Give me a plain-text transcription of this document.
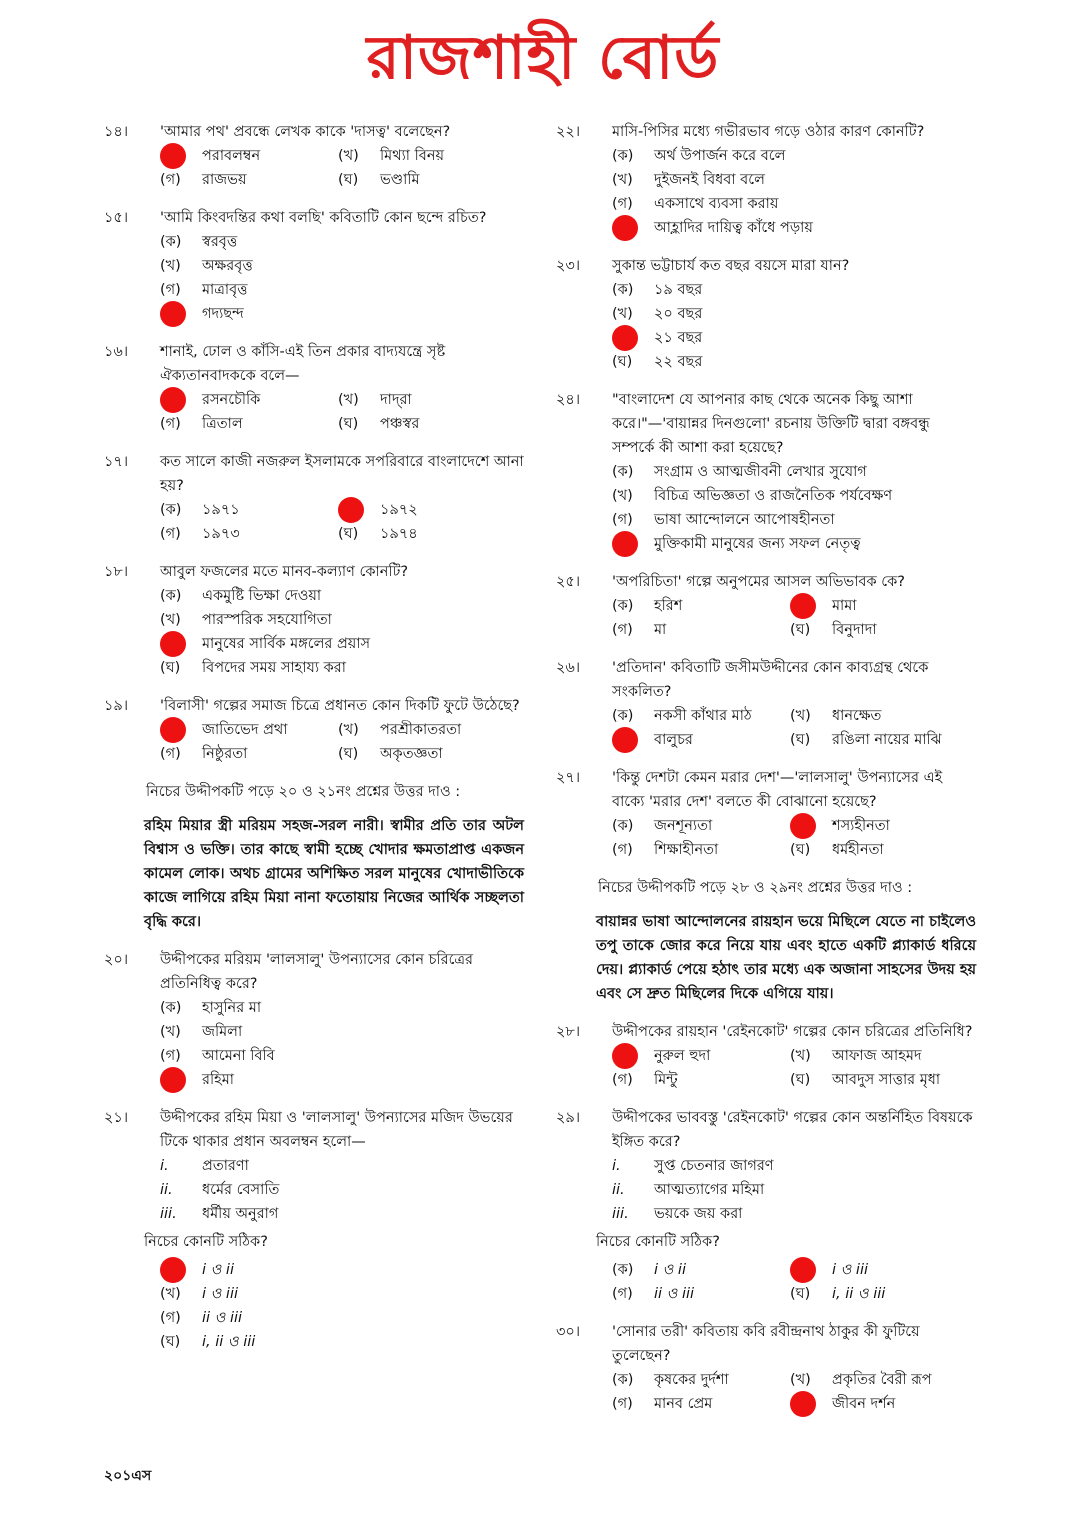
রাজশাহী বোর্ড
১৪।	'আমার পথ' প্রবন্ধে লেখক কাকে 'দাসত্ব' বলেছেন?
পরাবলম্বন	(খ)	মিথ্যা বিনয়
(গ)	রাজভয়	(ঘ)	ভণ্ডামি
১৫।	'আমি কিংবদন্তির কথা বলছি' কবিতাটি কোন ছন্দে রচিত?
(ক)	স্বরবৃত্ত
(খ)	অক্ষরবৃত্ত
(গ)	মাত্রাবৃত্ত
গদ্যছন্দ
১৬।	শানাই, ঢোল ও কাঁসি-এই তিন প্রকার বাদ্যযন্ত্রে সৃষ্ট ঐক্যতানবাদককে বলে—
রসনচৌকি	(খ)	দাদ্‌রা
(গ)	ত্রিতাল	(ঘ)	পঞ্চস্বর
১৭।	কত সালে কাজী নজরুল ইসলামকে সপরিবারে বাংলাদেশে আনা হয়?
(ক)	১৯৭১	১৯৭২
(গ)	১৯৭৩	(ঘ)	১৯৭৪
১৮।	আবুল ফজলের মতে মানব-কল্যাণ কোনটি?
(ক)	একমুষ্টি ভিক্ষা দেওয়া
(খ)	পারস্পরিক সহযোগিতা
মানুষের সার্বিক মঙ্গলের প্রয়াস
(ঘ)	বিপদের সময় সাহায্য করা
১৯।	'বিলাসী' গল্পের সমাজ চিত্রে প্রধানত কোন দিকটি ফুটে উঠেছে?
জাতিভেদ প্রথা	(খ)	পরশ্রীকাতরতা
(গ)	নিষ্ঠুরতা	(ঘ)	অকৃতজ্ঞতা
নিচের উদ্দীপকটি পড়ে ২০ ও ২১নং প্রশ্নের উত্তর দাও :
রহিম মিয়ার স্ত্রী মরিয়ম সহজ-সরল নারী। স্বামীর প্রতি তার অটল বিশ্বাস ও ভক্তি। তার কাছে স্বামী হচ্ছে খোদার ক্ষমতাপ্রাপ্ত একজন কামেল লোক। অথচ গ্রামের অশিক্ষিত সরল মানুষের খোদাভীতিকে কাজে লাগিয়ে রহিম মিয়া নানা ফতোয়ায় নিজের আর্থিক সচ্ছলতা বৃদ্ধি করে।
২০।	উদ্দীপকের মরিয়ম 'লালসালু' উপন্যাসের কোন চরিত্রের প্রতিনিধিত্ব করে?
(ক)	হাসুনির মা
(খ)	জমিলা
(গ)	আমেনা বিবি
রহিমা
২১।	উদ্দীপকের রহিম মিয়া ও 'লালসালু' উপন্যাসের মজিদ উভয়ের টিকে থাকার প্রধান অবলম্বন হলো—
i.	প্রতারণা
ii.	ধর্মের বেসাতি
iii.	ধর্মীয় অনুরাগ
নিচের কোনটি সঠিক?
i ও ii
(খ)	i ও iii
(গ)	ii ও iii
(ঘ)	i, ii ও iii
২২।	মাসি-পিসির মধ্যে গভীরভাব গড়ে ওঠার কারণ কোনটি?
(ক)	অর্থ উপার্জন করে বলে
(খ)	দুইজনই বিধবা বলে
(গ)	একসাথে ব্যবসা করায়
আহ্লাদির দায়িত্ব কাঁধে পড়ায়
২৩।	সুকান্ত ভট্টাচার্য কত বছর বয়সে মারা যান?
(ক)	১৯ বছর
(খ)	২০ বছর
২১ বছর
(ঘ)	২২ বছর
২৪।	"বাংলাদেশ যে আপনার কাছ থেকে অনেক কিছু আশা করে।"—'বায়ান্নর দিনগুলো' রচনায় উক্তিটি দ্বারা বঙ্গবন্ধু সম্পর্কে কী আশা করা হয়েছে?
(ক)	সংগ্রাম ও আত্মজীবনী লেখার সুযোগ
(খ)	বিচিত্র অভিজ্ঞতা ও রাজনৈতিক পর্যবেক্ষণ
(গ)	ভাষা আন্দোলনে আপোষহীনতা
মুক্তিকামী মানুষের জন্য সফল নেতৃত্ব
২৫।	'অপরিচিতা' গল্পে অনুপমের আসল অভিভাবক কে?
(ক)	হরিশ	মামা
(গ)	মা	(ঘ)	বিনুদাদা
২৬।	'প্রতিদান' কবিতাটি জসীমউদ্দীনের কোন কাব্যগ্রন্থ থেকে সংকলিত?
(ক)	নকসী কাঁথার মাঠ	(খ)	ধানক্ষেত
বালুচর	(ঘ)	রঙিলা নায়ের মাঝি
২৭।	'কিন্তু দেশটা কেমন মরার দেশ'—'লালসালু' উপন্যাসের এই বাক্যে 'মরার দেশ' বলতে কী বোঝানো হয়েছে?
(ক)	জনশূন্যতা	শস্যহীনতা
(গ)	শিক্ষাহীনতা	(ঘ)	ধর্মহীনতা
নিচের উদ্দীপকটি পড়ে ২৮ ও ২৯নং প্রশ্নের উত্তর দাও :
বায়ান্নর ভাষা আন্দোলনের রায়হান ভয়ে মিছিলে যেতে না চাইলেও তপু তাকে জোর করে নিয়ে যায় এবং হাতে একটি প্ল্যাকার্ড ধরিয়ে দেয়। প্ল্যাকার্ড পেয়ে হঠাৎ তার মধ্যে এক অজানা সাহসের উদয় হয় এবং সে দ্রুত মিছিলের দিকে এগিয়ে যায়।
২৮।	উদ্দীপকের রায়হান 'রেইনকোট' গল্পের কোন চরিত্রের প্রতিনিধি?
নুরুল হুদা	(খ)	আফাজ আহমদ
(গ)	মিন্টু	(ঘ)	আবদুস সাত্তার মৃধা
২৯।	উদ্দীপকের ভাববস্তু 'রেইনকোট' গল্পের কোন অন্তর্নিহিত বিষয়কে ইঙ্গিত করে?
i.	সুপ্ত চেতনার জাগরণ
ii.	আত্মত্যাগের মহিমা
iii.	ভয়কে জয় করা
নিচের কোনটি সঠিক?
(ক)	i ও ii	i ও iii
(গ)	ii ও iii	(ঘ)	i, ii ও iii
৩০।	'সোনার তরী' কবিতায় কবি রবীন্দ্রনাথ ঠাকুর কী ফুটিয়ে তুলেছেন?
(ক)	কৃষকের দুর্দশা	(খ)	প্রকৃতির বৈরী রূপ
(গ)	মানব প্রেম	জীবন দর্শন
২০১এস
